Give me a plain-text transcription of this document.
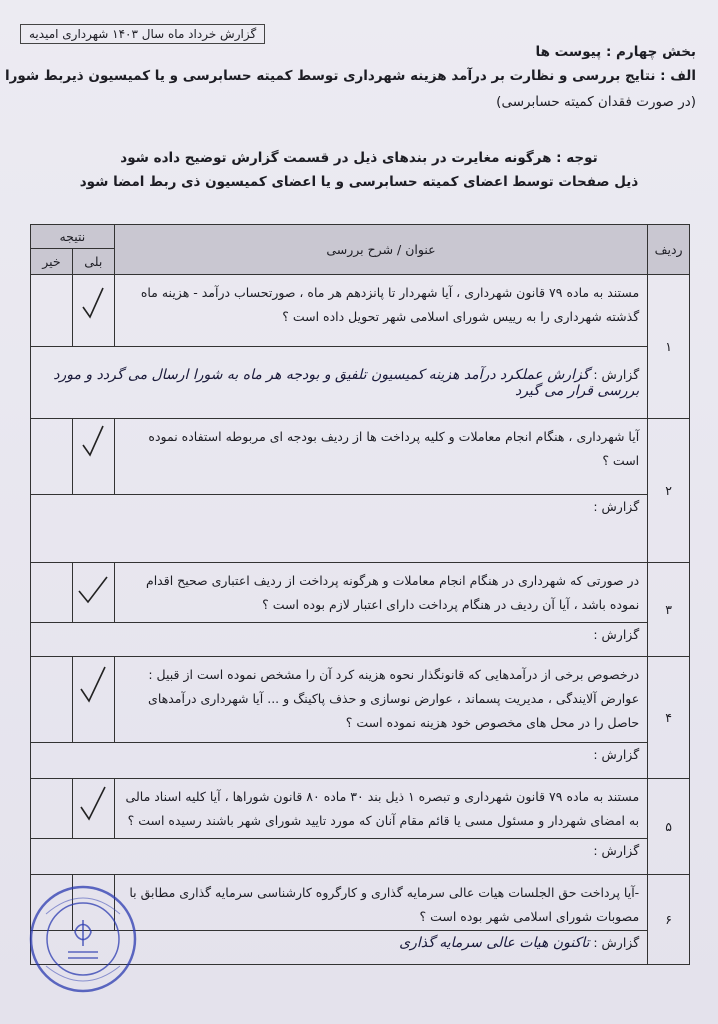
گزارش خرداد ماه سال ۱۴۰۳ شهرداری امیدیه
بخش چهارم : پیوست ها
الف : نتایج بررسی و نظارت بر درآمد هزینه شهرداری توسط کمیته حسابرسی و یا کمیسیون ذیربط شورا
(در صورت فقدان کمیته حسابرسی)
توجه : هرگونه مغایرت در بندهای ذیل در قسمت گزارش توضیح داده شود
ذیل صفحات توسط اعضای کمیته حسابرسی و یا اعضای کمیسیون ذی ربط امضا شود
ردیف	عنوان / شرح بررسی	نتیجه	
		بلی	خیر
۱	مستند به ماده ۷۹ قانون شهرداری ، آیا شهردار تا پانزدهم هر ماه ، صورتحساب درآمد - هزینه ماه گذشته شهرداری را به رییس شورای اسلامی شهر تحویل داده است ؟		
	گزارش : گزارش عملکرد درآمد هزینه کمیسیون تلفیق و بودجه هر ماه به شورا ارسال می گردد و مورد بررسی قرار می گیرد		
۲	آیا شهرداری ، هنگام انجام معاملات و کلیه پرداخت ها از ردیف بودجه ای مربوطه استفاده نموده است ؟		
	گزارش :		
۳	در صورتی که شهرداری در هنگام انجام معاملات و هرگونه پرداخت از ردیف اعتباری صحیح اقدام نموده باشد ، آیا آن ردیف در هنگام پرداخت دارای اعتبار لازم بوده است ؟		
	گزارش :		
۴	درخصوص برخی از درآمدهایی که قانونگذار نحوه هزینه کرد آن را مشخص نموده است از قبیل : عوارض آلایندگی ، مدیریت پسماند ، عوارض نوسازی و حذف پاکینگ و ... آیا شهرداری درآمدهای حاصل را در محل های مخصوص خود هزینه نموده است ؟		
	گزارش :		
۵	مستند به ماده ۷۹ قانون شهرداری و تبصره ۱ ذیل بند ۳۰ ماده ۸۰ قانون شوراها ، آیا کلیه اسناد مالی به امضای شهردار و مسئول مسی یا قائم مقام آنان که مورد تایید شورای شهر باشند رسیده است ؟		
	گزارش :		
۶	-آیا پرداخت حق الجلسات هیات عالی سرمایه گذاری و کارگروه کارشناسی سرمایه گذاری مطابق با مصوبات شورای اسلامی شهر بوده است ؟		
	گزارش : تاکنون هیات عالی سرمایه گذاری		
